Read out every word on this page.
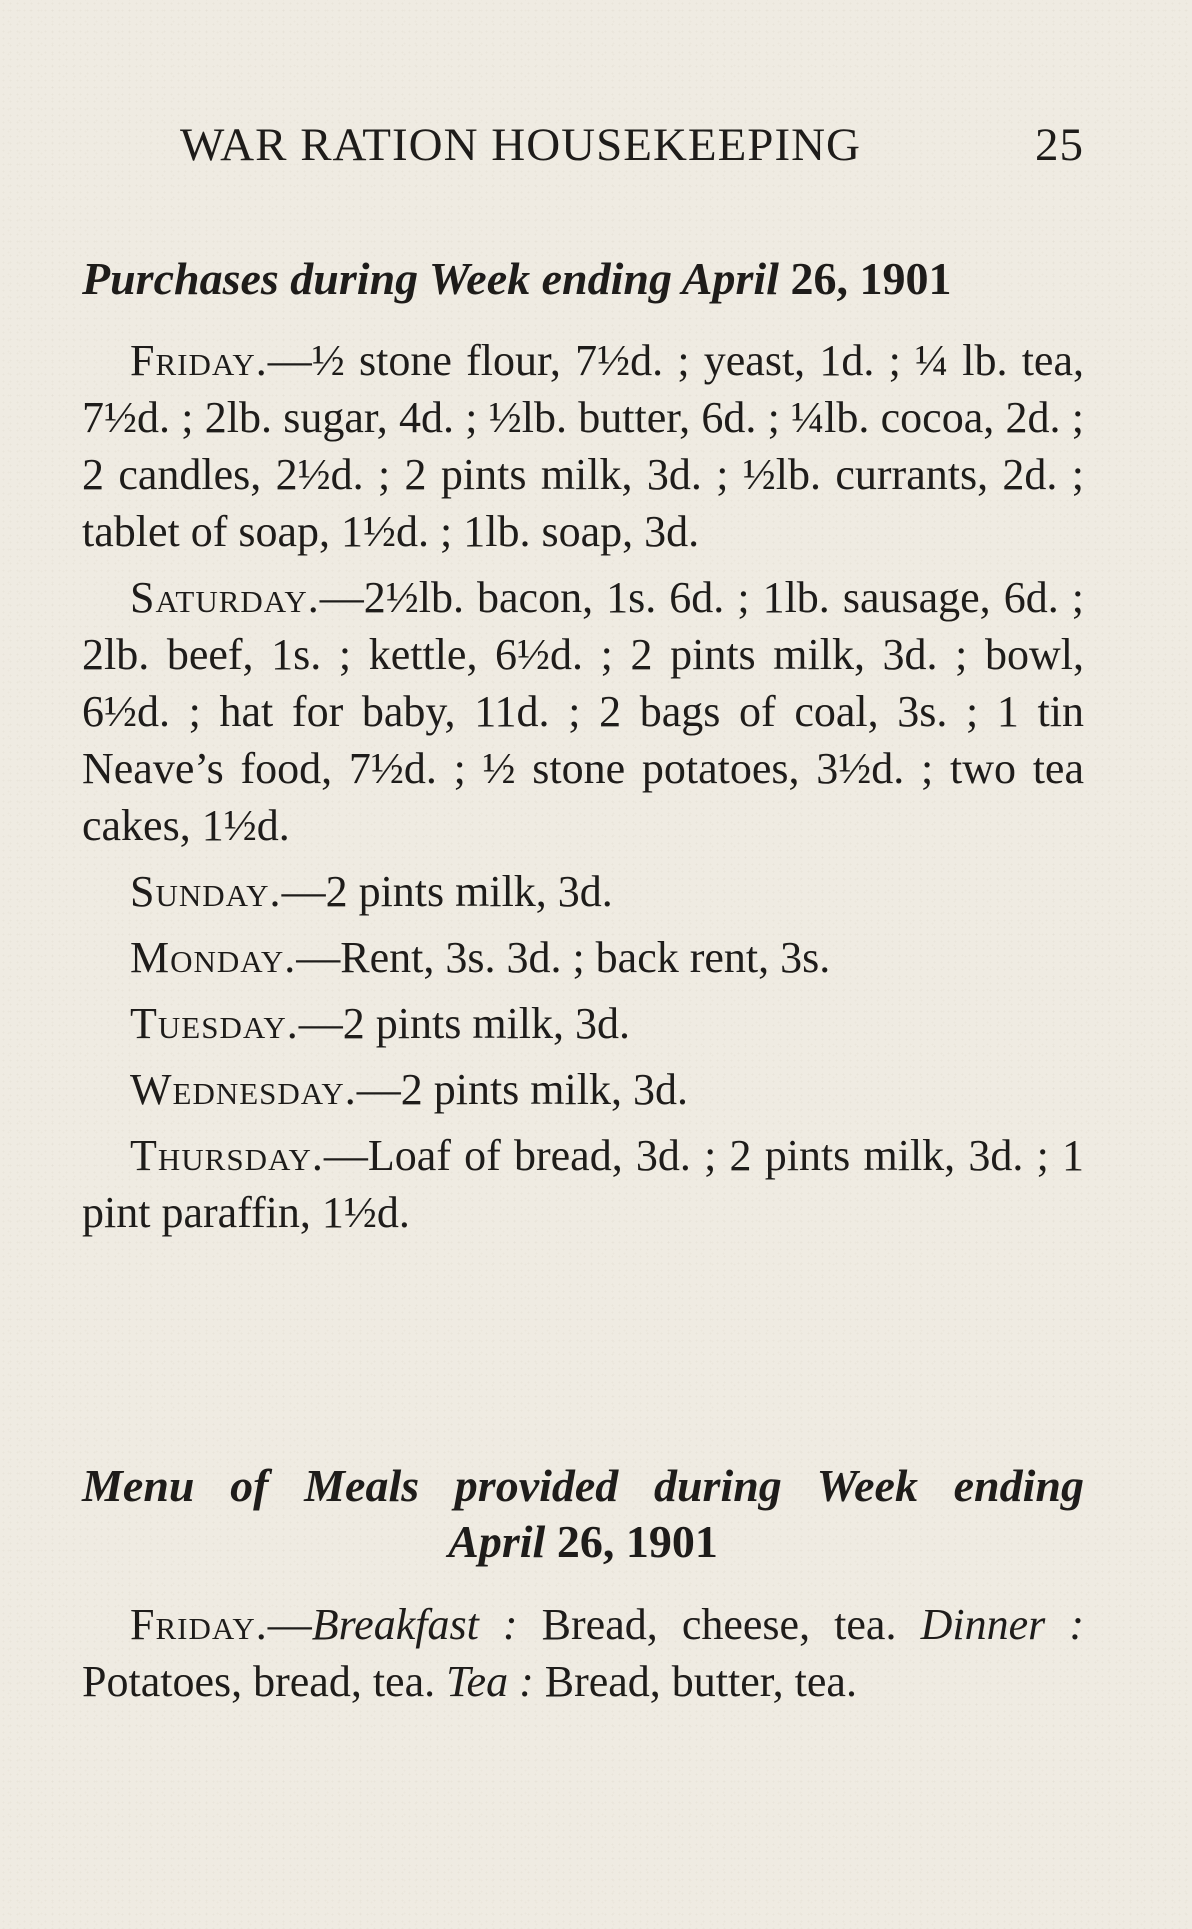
WAR RATION HOUSEKEEPING	25
Purchases during Week ending April 26, 1901

Friday.—½ stone flour, 7½d. ; yeast, 1d. ; ¼ lb. tea, 7½d. ; 2lb. sugar, 4d. ; ½lb. butter, 6d. ; ¼lb. cocoa, 2d. ; 2 candles, 2½d. ; 2 pints milk, 3d. ; ½lb. currants, 2d. ; tablet of soap, 1½d. ; 1lb. soap, 3d.

Saturday.—2½lb. bacon, 1s. 6d. ; 1lb. sausage, 6d. ; 2lb. beef, 1s. ; kettle, 6½d. ; 2 pints milk, 3d. ; bowl, 6½d. ; hat for baby, 11d. ; 2 bags of coal, 3s. ; 1 tin Neave’s food, 7½d. ; ½ stone potatoes, 3½d. ; two tea cakes, 1½d.

Sunday.—2 pints milk, 3d.

Monday.—Rent, 3s. 3d. ; back rent, 3s.

Tuesday.—2 pints milk, 3d.

Wednesday.—2 pints milk, 3d.

Thursday.—Loaf of bread, 3d. ; 2 pints milk, 3d. ; 1 pint paraffin, 1½d.

Menu of Meals provided during Week ending
April 26, 1901

Friday.—Breakfast : Bread, cheese, tea. Dinner : Potatoes, bread, tea. Tea : Bread, butter, tea.
